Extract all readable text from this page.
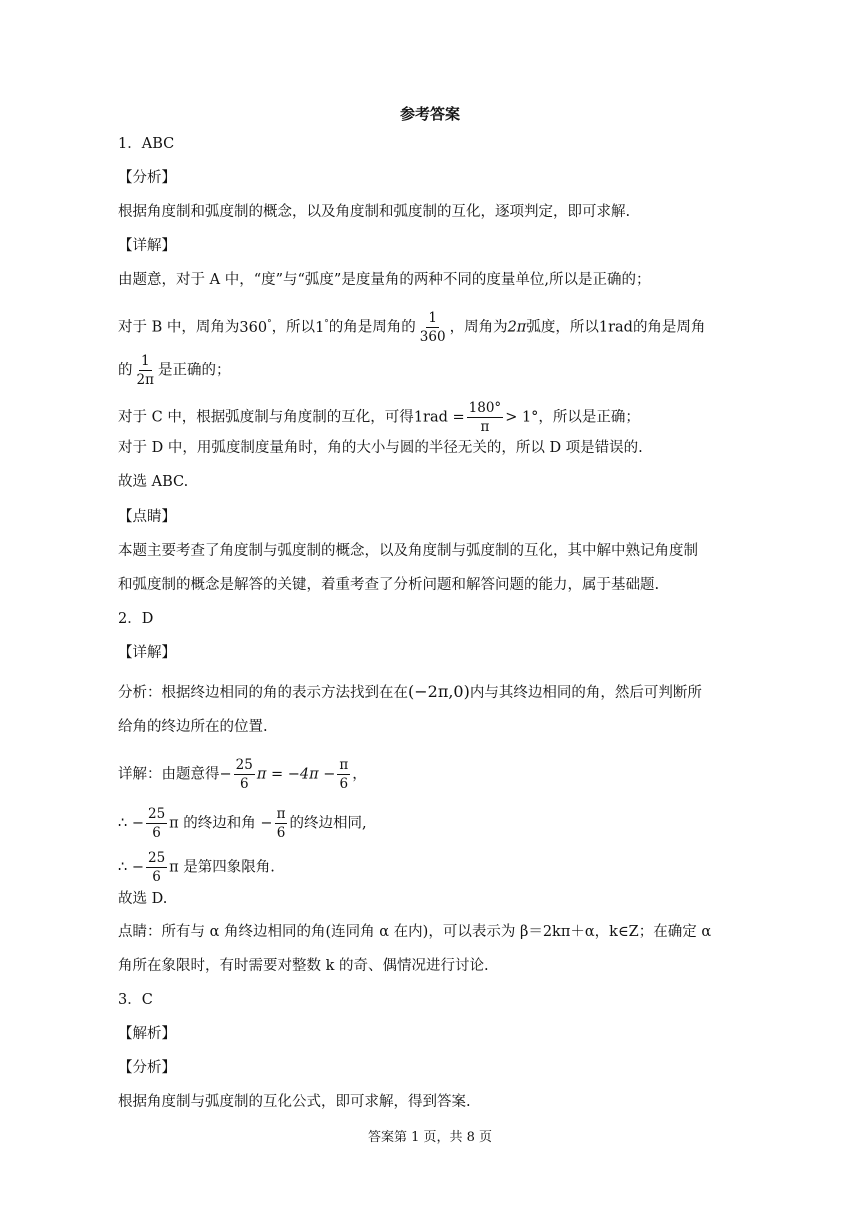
参考答案
1．ABC
【分析】
根据角度制和弧度制的概念，以及角度制和弧度制的互化，逐项判定，即可求解.
【详解】
由题意，对于 A 中，“度”与“弧度”是度量角的两种不同的度量单位,所以是正确的；
对于 B 中，周角为360°，所以1°的角是周角的 $\frac{1}{360}$ ，周角为2π弧度，所以1rad的角是周角
的 $\frac{1}{2\pi}$ 是正确的；
对于 C 中，根据弧度制与角度制的互化，可得$1rad = \frac{180^\circ}{\pi} > 1^\circ$，所以是正确；
对于 D 中，用弧度制度量角时，角的大小与圆的半径无关的，所以 D 项是错误的.
故选 ABC.
【点睛】
本题主要考查了角度制与弧度制的概念，以及角度制与弧度制的互化，其中解中熟记角度制
和弧度制的概念是解答的关键，着重考查了分析问题和解答问题的能力，属于基础题.
2．D
【详解】
分析：根据终边相同的角的表示方法找到在在(−2π,0)内与其终边相同的角，然后可判断所
给角的终边所在的位置.
详解：由题意得− $\frac{25}{6}$ $\pi = -4\pi - \frac{\pi}{6}$ ，
∴ − $\frac{25}{6}$ π 的终边和角 − $\frac{\pi}{6}$ 的终边相同,
∴ − $\frac{25}{6}$ π 是第四象限角.
故选 D.
点睛：所有与 α 角终边相同的角(连同角 α 在内)，可以表示为 β＝2kπ＋α，k∈Z；在确定 α
角所在象限时，有时需要对整数 k 的奇、偶情况进行讨论.
3．C
【解析】
【分析】
根据角度制与弧度制的互化公式，即可求解，得到答案.
答案第 1 页，共 8 页
